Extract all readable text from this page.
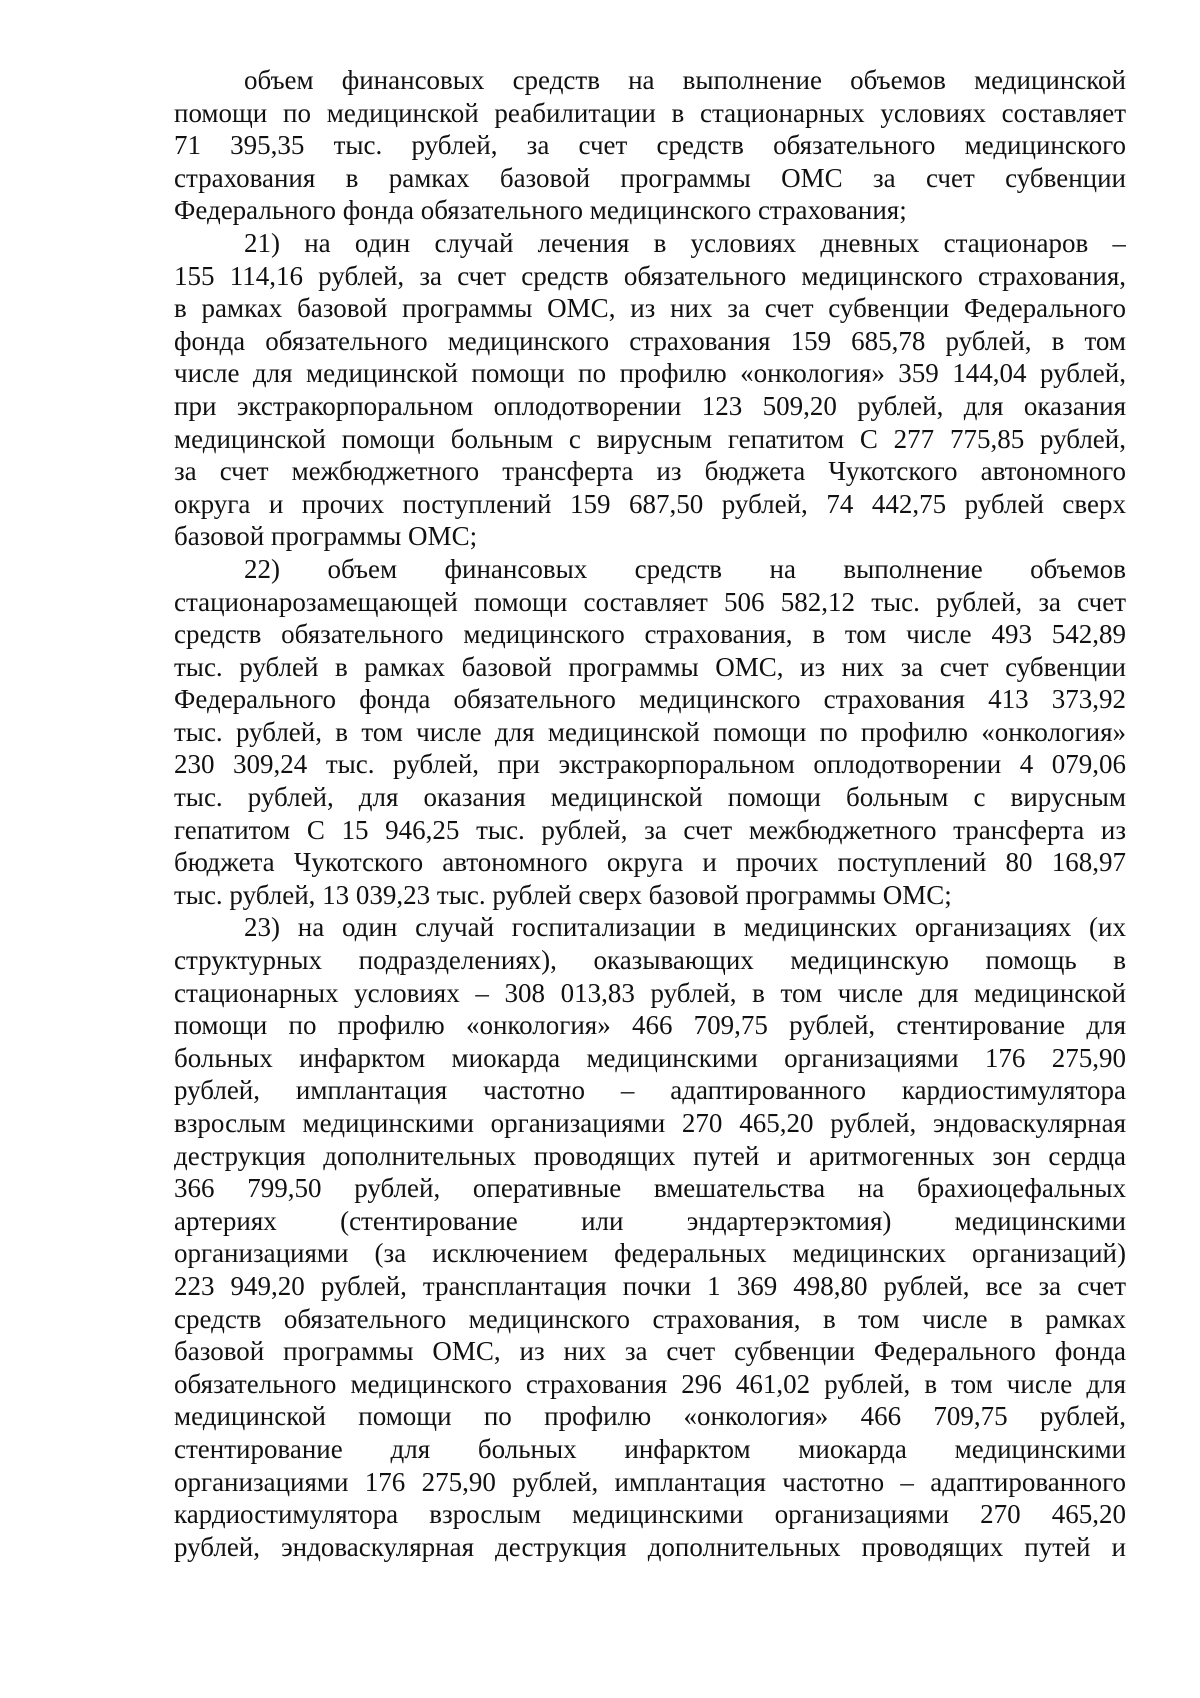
объем финансовых средств на выполнение объемов медицинской
помощи по медицинской реабилитации в стационарных условиях составляет
71 395,35 тыс. рублей, за счет средств обязательного медицинского
страхования в рамках базовой программы ОМС за счет субвенции
Федерального фонда обязательного медицинского страхования;
21) на один случай лечения в условиях дневных стационаров –
155 114,16 рублей, за счет средств обязательного медицинского страхования,
в рамках базовой программы ОМС, из них за счет субвенции Федерального
фонда обязательного медицинского страхования 159 685,78 рублей, в том
числе для медицинской помощи по профилю «онкология» 359 144,04 рублей,
при экстракорпоральном оплодотворении 123 509,20 рублей, для оказания
медицинской помощи больным с вирусным гепатитом С 277 775,85 рублей,
за счет межбюджетного трансферта из бюджета Чукотского автономного
округа и прочих поступлений 159 687,50 рублей, 74 442,75 рублей сверх
базовой программы ОМС;
22) объем финансовых средств на выполнение объемов
стационарозамещающей помощи составляет 506 582,12 тыс. рублей, за счет
средств обязательного медицинского страхования, в том числе 493 542,89
тыс. рублей в рамках базовой программы ОМС, из них за счет субвенции
Федерального фонда обязательного медицинского страхования 413 373,92
тыс. рублей, в том числе для медицинской помощи по профилю «онкология»
230 309,24 тыс. рублей, при экстракорпоральном оплодотворении 4 079,06
тыс. рублей, для оказания медицинской помощи больным с вирусным
гепатитом С 15 946,25 тыс. рублей, за счет межбюджетного трансферта из
бюджета Чукотского автономного округа и прочих поступлений 80 168,97
тыс. рублей, 13 039,23 тыс. рублей сверх базовой программы ОМС;
23) на один случай госпитализации в медицинских организациях (их
структурных подразделениях), оказывающих медицинскую помощь в
стационарных условиях – 308 013,83 рублей, в том числе для медицинской
помощи по профилю «онкология» 466 709,75 рублей, стентирование для
больных инфарктом миокарда медицинскими организациями 176 275,90
рублей, имплантация частотно – адаптированного кардиостимулятора
взрослым медицинскими организациями 270 465,20 рублей, эндоваскулярная
деструкция дополнительных проводящих путей и аритмогенных зон сердца
366 799,50 рублей, оперативные вмешательства на брахиоцефальных
артериях (стентирование или эндартерэктомия) медицинскими
организациями (за исключением федеральных медицинских организаций)
223 949,20 рублей, трансплантация почки 1 369 498,80 рублей, все за счет
средств обязательного медицинского страхования, в том числе в рамках
базовой программы ОМС, из них за счет субвенции Федерального фонда
обязательного медицинского страхования 296 461,02 рублей, в том числе для
медицинской помощи по профилю «онкология» 466 709,75 рублей,
стентирование для больных инфарктом миокарда медицинскими
организациями 176 275,90 рублей, имплантация частотно – адаптированного
кардиостимулятора взрослым медицинскими организациями 270 465,20
рублей, эндоваскулярная деструкция дополнительных проводящих путей и
